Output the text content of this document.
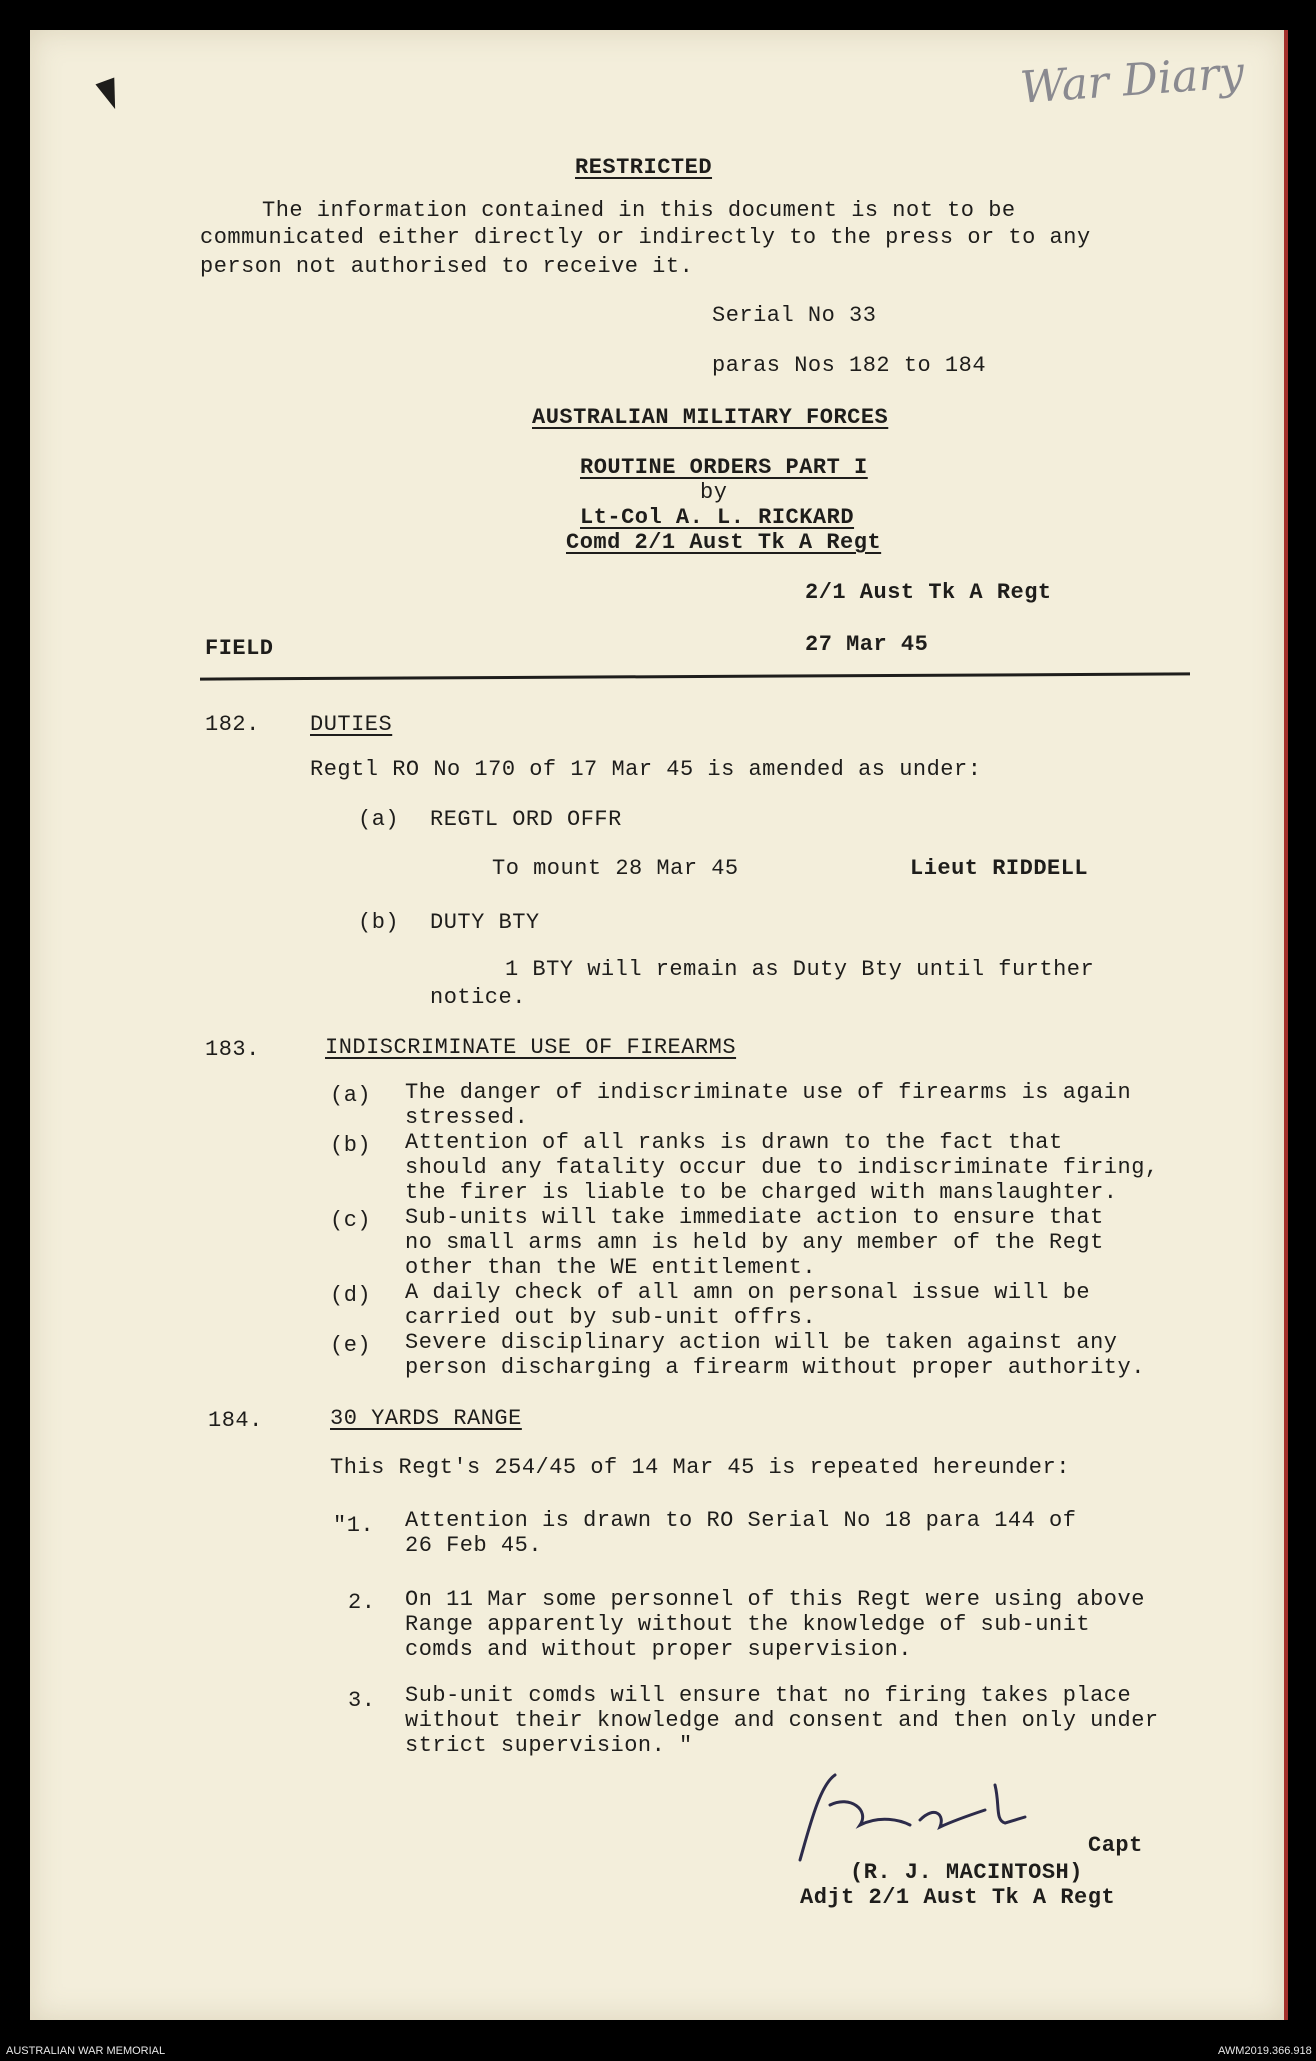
War Diary
RESTRICTED
The information contained in this document is not to be
communicated either directly or indirectly to the press or to any
person not authorised to receive it.
Serial No 33
paras Nos 182 to 184
AUSTRALIAN MILITARY FORCES
ROUTINE ORDERS PART I
by
Lt-Col A. L. RICKARD
Comd 2/1 Aust Tk A Regt
2/1 Aust Tk A Regt
FIELD	27 Mar 45
182. DUTIES
Regtl RO No 170 of 17 Mar 45 is amended as under:
(a) REGTL ORD OFFR
To mount 28 Mar 45	Lieut RIDDELL
(b) DUTY BTY
1 BTY will remain as Duty Bty until further
notice.
183.	INDISCRIMINATE USE OF FIREARMS
(a) The danger of indiscriminate use of firearms is again
stressed.
(b) Attention of all ranks is drawn to the fact that
should any fatality occur due to indiscriminate firing,
the firer is liable to be charged with manslaughter.
(c) Sub-units will take immediate action to ensure that
no small arms amn is held by any member of the Regt
other than the WE entitlement.
(d) A daily check of all amn on personal issue will be
carried out by sub-unit offrs.
(e) Severe disciplinary action will be taken against any
person discharging a firearm without proper authority.
184.	30 YARDS RANGE
This Regt's 254/45 of 14 Mar 45 is repeated hereunder:
"1. Attention is drawn to RO Serial No 18 para 144 of
26 Feb 45.
2. On 11 Mar some personnel of this Regt were using above
Range apparently without the knowledge of sub-unit
comds and without proper supervision.
3. Sub-unit comds will ensure that no firing takes place
without their knowledge and consent and then only under
strict supervision. "
Capt
(R. J. MACINTOSH)
Adjt 2/1 Aust Tk A Regt
AUSTRALIAN WAR MEMORIAL	AWM2019.366.918
